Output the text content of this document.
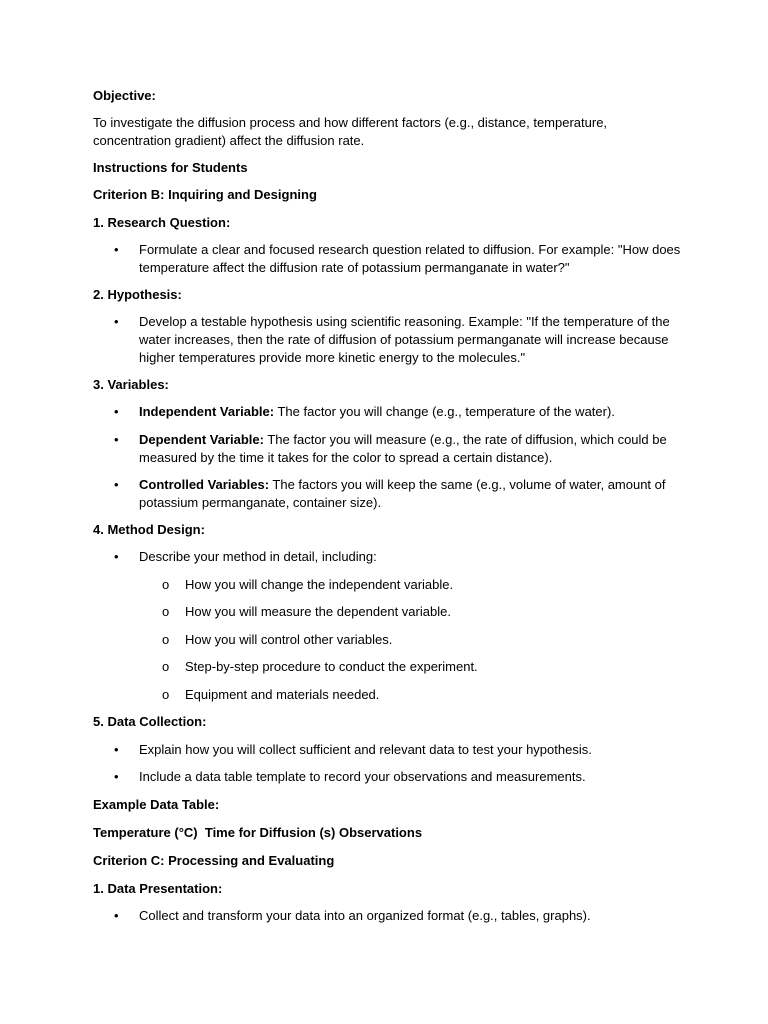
Objective:

To investigate the diffusion process and how different factors (e.g., distance, temperature, concentration gradient) affect the diffusion rate.

Instructions for Students

Criterion B: Inquiring and Designing

1. Research Question:

•	Formulate a clear and focused research question related to diffusion. For example: "How does temperature affect the diffusion rate of potassium permanganate in water?"

2. Hypothesis:

•	Develop a testable hypothesis using scientific reasoning. Example: "If the temperature of the water increases, then the rate of diffusion of potassium permanganate will increase because higher temperatures provide more kinetic energy to the molecules."

3. Variables:

•	Independent Variable: The factor you will change (e.g., temperature of the water).

•	Dependent Variable: The factor you will measure (e.g., the rate of diffusion, which could be measured by the time it takes for the color to spread a certain distance).

•	Controlled Variables: The factors you will keep the same (e.g., volume of water, amount of potassium permanganate, container size).

4. Method Design:

•	Describe your method in detail, including:

o	How you will change the independent variable.

o	How you will measure the dependent variable.

o	How you will control other variables.

o	Step-by-step procedure to conduct the experiment.

o	Equipment and materials needed.

5. Data Collection:

•	Explain how you will collect sufficient and relevant data to test your hypothesis.

•	Include a data table template to record your observations and measurements.

Example Data Table:

Temperature (°C)  Time for Diffusion (s) Observations

Criterion C: Processing and Evaluating

1. Data Presentation:

•	Collect and transform your data into an organized format (e.g., tables, graphs).
